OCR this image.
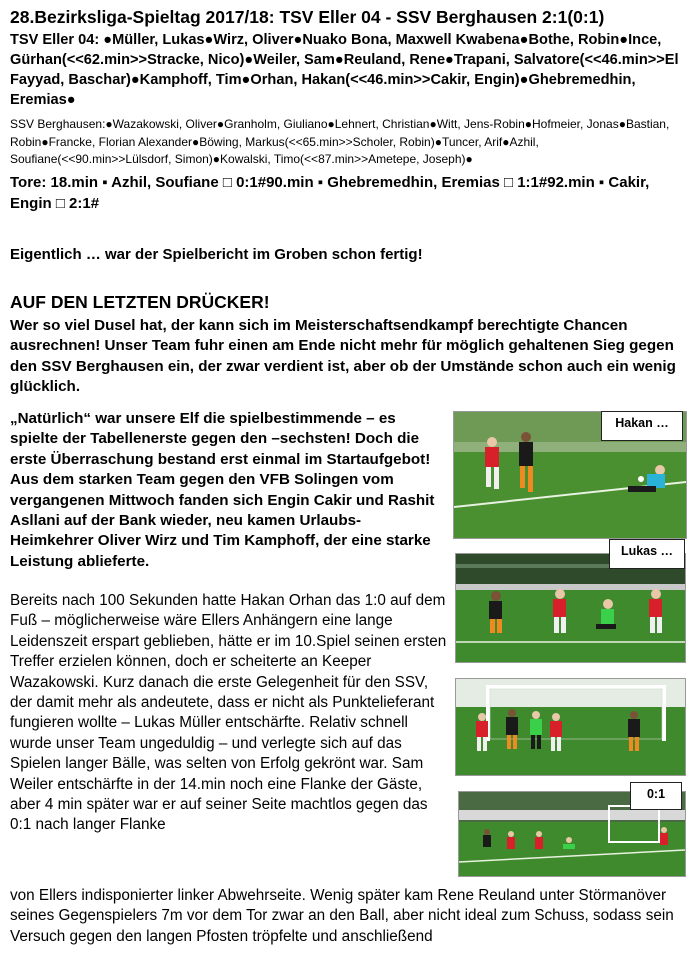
28.Bezirksliga-Spieltag 2017/18: TSV Eller 04 - SSV Berghausen 2:1(0:1)

TSV Eller 04: ●Müller, Lukas●Wirz, Oliver●Nuako Bona, Maxwell Kwabena●Bothe, Robin●Ince, Gürhan(<<62.min>>Stracke, Nico)●Weiler, Sam●Reuland, Rene●Trapani, Salvatore(<<46.min>>El Fayyad, Baschar)●Kamphoff, Tim●Orhan, Hakan(<<46.min>>Cakir, Engin)●Ghebremedhin, Eremias●

SSV Berghausen:●Wazakowski, Oliver●Granholm, Giuliano●Lehnert, Christian●Witt, Jens-Robin●Hofmeier, Jonas●Bastian, Robin●Francke, Florian Alexander●Böwing, Markus(<<65.min>>Scholer, Robin)●Tuncer, Arif●Azhil, Soufiane(<<90.min>>Lülsdorf, Simon)●Kowalski, Timo(<<87.min>>Ametepe, Joseph)●

Tore: 18.min ▪ Azhil, Soufiane □ 0:1#90.min ▪ Ghebremedhin, Eremias □ 1:1#92.min ▪ Cakir, Engin □ 2:1#

Eigentlich … war der Spielbericht im Groben schon fertig!

AUF DEN LETZTEN DRÜCKER!

Wer so viel Dusel hat, der kann sich im Meisterschaftsendkampf berechtigte Chancen ausrechnen! Unser Team fuhr einen am Ende nicht mehr für möglich gehaltenen Sieg gegen den SSV Berghausen ein, der zwar verdient ist, aber ob der Umstände schon auch ein wenig glücklich.

„Natürlich“ war unsere Elf die spielbestimmende – es spielte der Tabellenerste gegen den –sechsten! Doch die erste Überraschung bestand erst einmal im Startaufgebot! Aus dem starken Team gegen den VFB Solingen vom vergangenen Mittwoch fanden sich Engin Cakir und Rashit Asllani auf der Bank wieder, neu kamen Urlaubs-Heimkehrer Oliver Wirz und Tim Kamphoff, der eine starke Leistung ablieferte.

Bereits nach 100 Sekunden hatte Hakan Orhan das 1:0 auf dem Fuß – möglicherweise wäre Ellers Anhängern eine lange Leidenszeit erspart geblieben, hätte er im 10.Spiel seinen ersten Treffer erzielen können, doch er scheiterte an Keeper Wazakowski. Kurz danach die erste Gelegenheit für den SSV, der damit mehr als andeutete, dass er nicht als Punktelieferant fungieren wollte – Lukas Müller entschärfte. Relativ schnell wurde unser Team ungeduldig – und verlegte sich auf das Spielen langer Bälle, was selten von Erfolg gekrönt war. Sam Weiler entschärfte in der 14.min noch eine Flanke der Gäste, aber 4 min später war er auf seiner Seite machtlos gegen das 0:1 nach langer Flanke

von Ellers indisponierter linker Abwehrseite. Wenig später kam Rene Reuland unter Störmanöver seines Gegenspielers 7m vor dem Tor zwar an den Ball, aber nicht ideal zum Schuss, sodass sein Versuch gegen den langen Pfosten tröpfelte und anschließend

Hakan …
Lukas …
0:1
